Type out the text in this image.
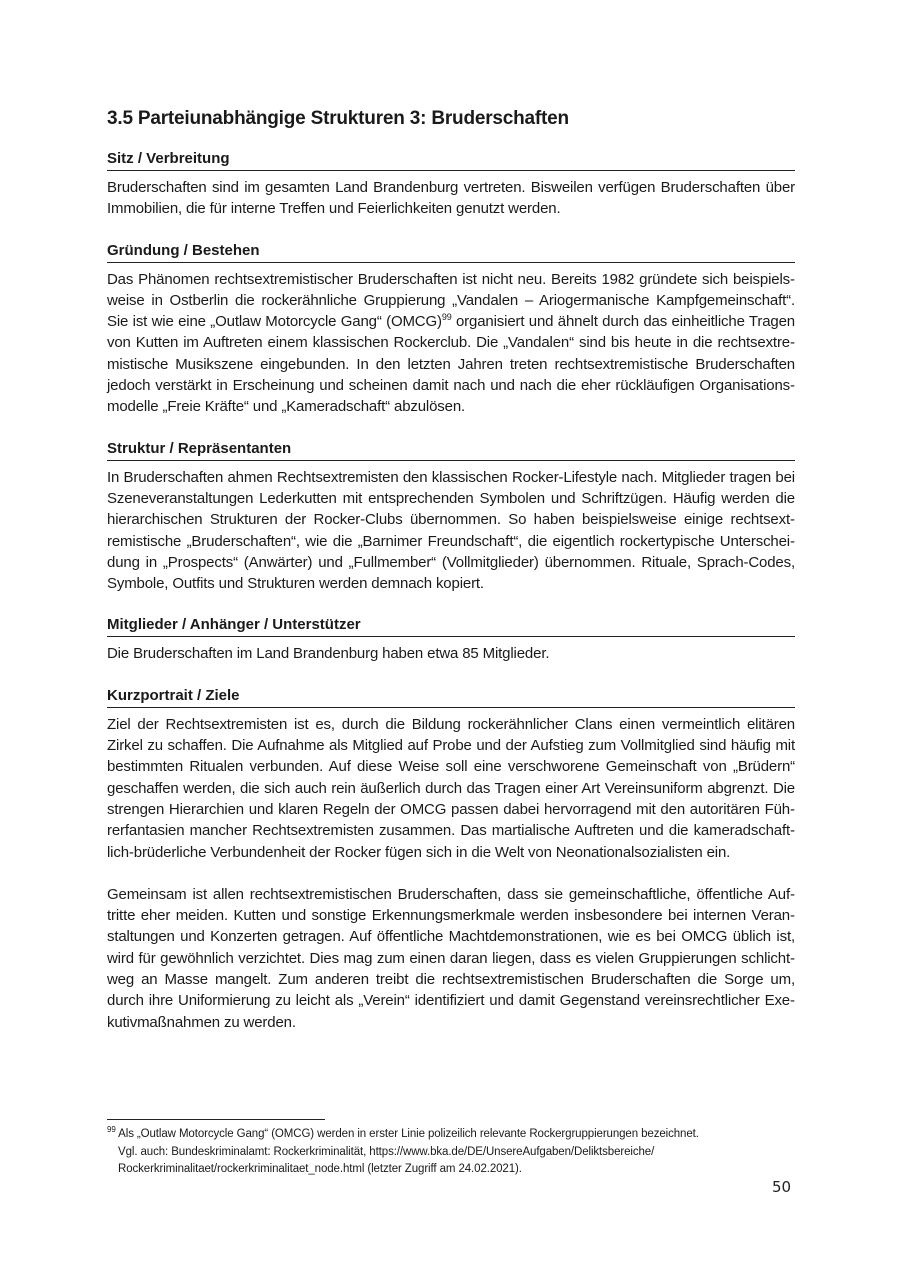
3.5 Parteiunabhängige Strukturen 3: Bruderschaften
Sitz / Verbreitung

Bruderschaften sind im gesamten Land Brandenburg vertreten. Bisweilen verfügen Bruderschaften über Immobilien, die für interne Treffen und Feierlichkeiten genutzt werden.

Gründung / Bestehen

Das Phänomen rechtsextremistischer Bruderschaften ist nicht neu. Bereits 1982 gründete sich beispielsweise in Ostberlin die rockerähnliche Gruppierung „Vandalen – Ariogermanische Kampfgemeinschaft“. Sie ist wie eine „Outlaw Motorcycle Gang“ (OMCG)$^{99}$ organisiert und ähnelt durch das einheitliche Tragen von Kutten im Auftreten einem klassischen Rockerclub. Die „Vandalen“ sind bis heute in die rechtsextremistische Musikszene eingebunden. In den letzten Jahren treten rechtsextremistische Bruderschaften jedoch verstärkt in Erscheinung und scheinen damit nach und nach die eher rückläufigen Organisationsmodelle „Freie Kräfte“ und „Kameradschaft“ abzulösen.

Struktur / Repräsentanten

In Bruderschaften ahmen Rechtsextremisten den klassischen Rocker-Lifestyle nach. Mitglieder tragen bei Szeneveranstaltungen Lederkutten mit entsprechenden Symbolen und Schriftzügen. Häufig werden die hierarchischen Strukturen der Rocker-Clubs übernommen. So haben beispielsweise einige rechtsextremistische „Bruderschaften“, wie die „Barnimer Freundschaft“, die eigentlich rockertypische Unterscheidung in „Prospects“ (Anwärter) und „Fullmember“ (Vollmitglieder) übernommen. Rituale, Sprach-Codes, Symbole, Outfits und Strukturen werden demnach kopiert.

Mitglieder / Anhänger / Unterstützer

Die Bruderschaften im Land Brandenburg haben etwa 85 Mitglieder.

Kurzportrait / Ziele

Ziel der Rechtsextremisten ist es, durch die Bildung rockerähnlicher Clans einen vermeintlich elitären Zirkel zu schaffen. Die Aufnahme als Mitglied auf Probe und der Aufstieg zum Vollmitglied sind häufig mit bestimmten Ritualen verbunden. Auf diese Weise soll eine verschworene Gemeinschaft von „Brüdern“ geschaffen werden, die sich auch rein äußerlich durch das Tragen einer Art Vereinsuniform abgrenzt. Die strengen Hierarchien und klaren Regeln der OMCG passen dabei hervorragend mit den autoritären Führerfantasien mancher Rechtsextremisten zusammen. Das martialische Auftreten und die kameradschaftlich-brüderliche Verbundenheit der Rocker fügen sich in die Welt von Neonationalsozialisten ein.

Gemeinsam ist allen rechtsextremistischen Bruderschaften, dass sie gemeinschaftliche, öffentliche Auftritte eher meiden. Kutten und sonstige Erkennungsmerkmale werden insbesondere bei internen Veranstaltungen und Konzerten getragen. Auf öffentliche Machtdemonstrationen, wie es bei OMCG üblich ist, wird für gewöhnlich verzichtet. Dies mag zum einen daran liegen, dass es vielen Gruppierungen schlichtweg an Masse mangelt. Zum anderen treibt die rechtsextremistischen Bruderschaften die Sorge um, durch ihre Uniformierung zu leicht als „Verein“ identifiziert und damit Gegenstand vereinsrechtlicher Exekutivmaßnahmen zu werden.

$^{99}$ Als „Outlaw Motorcycle Gang“ (OMCG) werden in erster Linie polizeilich relevante Rockergruppierungen bezeichnet.
Vgl. auch: Bundeskriminalamt: Rockerkriminalität, https://www.bka.de/DE/UnsereAufgaben/Deliktsbereiche/
Rockerkriminalitaet/rockerkriminalitaet_node.html (letzter Zugriff am 24.02.2021).
50
